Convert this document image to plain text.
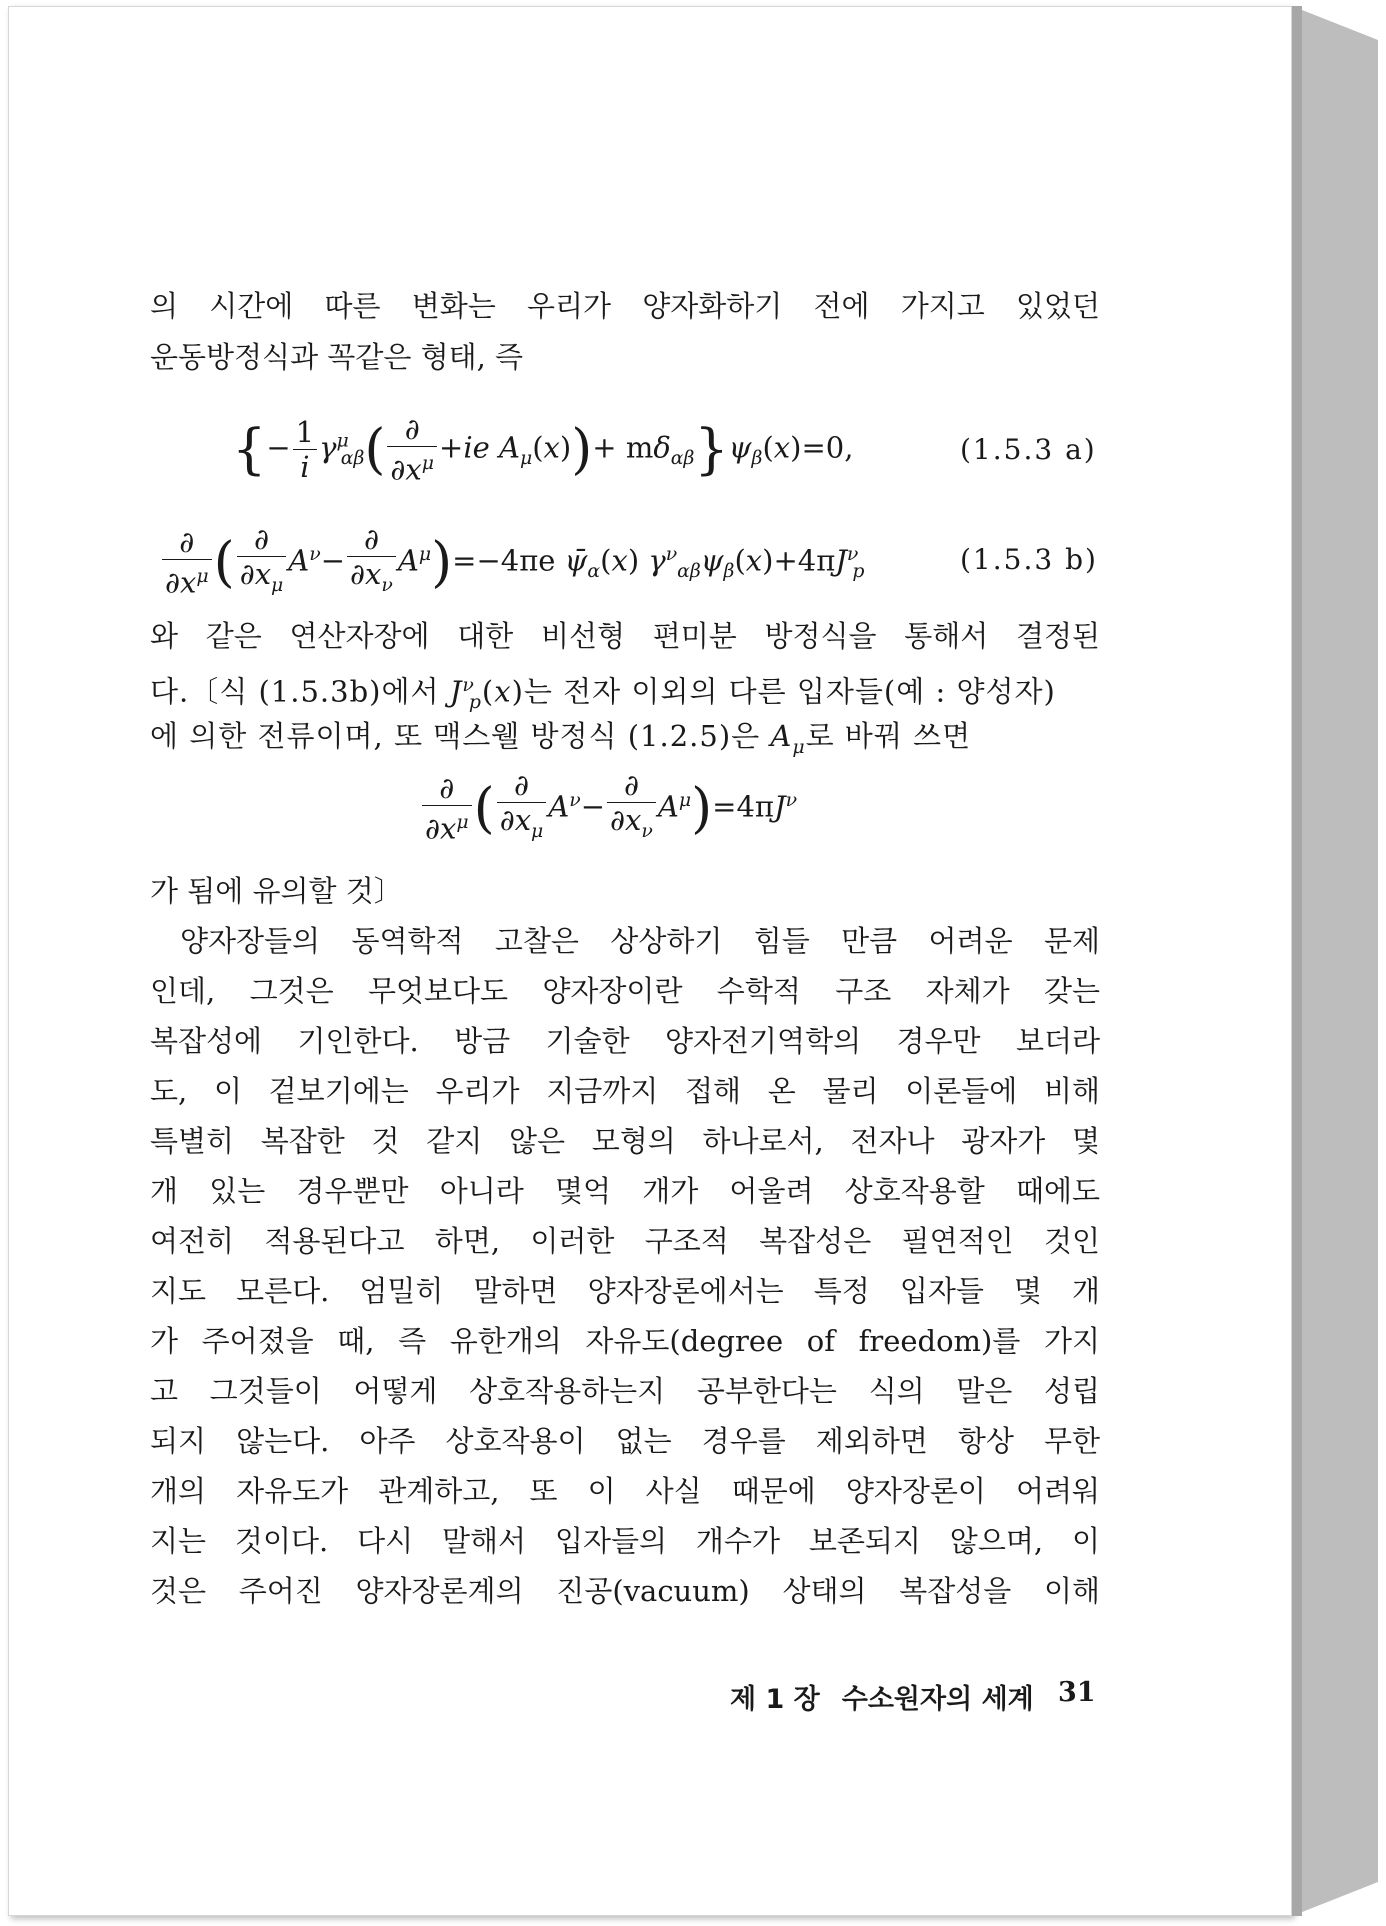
의 시간에 따른 변화는 우리가 양자화하기 전에 가지고 있었던
운동방정식과 꼭같은 형태, 즉
{− $\frac{1}{i} \gamma^\mu_{\alpha\beta}( \frac{\partial}{\partial x^\mu} +ie$ $A_\mu(x))+ m\delta_{\alpha\beta}\}\psi_\beta(x)=0$,	(1.5.3 a)
$\frac{\partial}{\partial x^\mu}$ ( $\frac{\partial}{\partial x_\mu} A^\nu- \frac{\partial}{\partial x_\nu} A^\mu)=-4\pi e$ $\psī_\alpha(x)$ $\gamma^\nu_{\alpha\beta}\psi_\beta(x)+4\pi J^\nu_p$	(1.5.3 b)
와 같은 연산자장에 대한 비선형 편미분 방정식을 통해서 결정된
다.〔식 (1.5.3b)에서 $J^\nu_p(x)$는 전자 이외의 다른 입자들(예 : 양성자)
에 의한 전류이며, 또 맥스웰 방정식 (1.2.5)은 $A_\mu$로 바꿔 쓰면
$\frac{\partial}{\partial x^\mu}$ ( $\frac{\partial}{\partial x_\mu} A^\nu- \frac{\partial}{\partial x_\nu} A^\mu)=4\pi J^\nu$
가 됨에 유의할 것〕
양자장들의 동역학적 고찰은 상상하기 힘들 만큼 어려운 문제
인데, 그것은 무엇보다도 양자장이란 수학적 구조 자체가 갖는
복잡성에 기인한다. 방금 기술한 양자전기역학의 경우만 보더라
도, 이 겉보기에는 우리가 지금까지 접해 온 물리 이론들에 비해
특별히 복잡한 것 같지 않은 모형의 하나로서, 전자나 광자가 몇
개 있는 경우뿐만 아니라 몇억 개가 어울려 상호작용할 때에도
여전히 적용된다고 하면, 이러한 구조적 복잡성은 필연적인 것인
지도 모른다. 엄밀히 말하면 양자장론에서는 특정 입자들 몇 개
가 주어졌을 때, 즉 유한개의 자유도(degree of freedom)를 가지
고 그것들이 어떻게 상호작용하는지 공부한다는 식의 말은 성립
되지 않는다. 아주 상호작용이 없는 경우를 제외하면 항상 무한
개의 자유도가 관계하고, 또 이 사실 때문에 양자장론이 어려워
지는 것이다. 다시 말해서 입자들의 개수가 보존되지 않으며, 이
것은 주어진 양자장론계의 진공(vacuum) 상태의 복잡성을 이해
제 1 장 수소원자의 세계 31
